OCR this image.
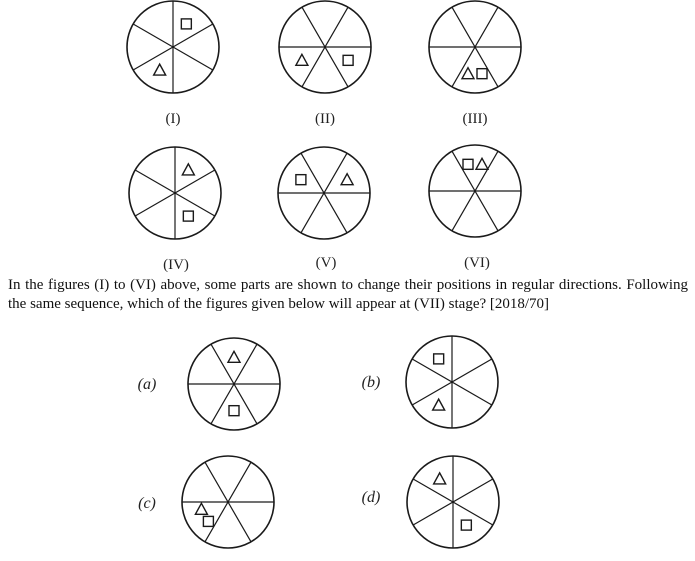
(I)	(II)	(III)
(IV)	(V)	(VI)
(a)	(b)
(c)	(d)

In the figures (I) to (VI) above, some parts are shown to change their positions in regular directions. Following the same sequence, which of the figures given below will appear at (VII) stage? [2018/70]
